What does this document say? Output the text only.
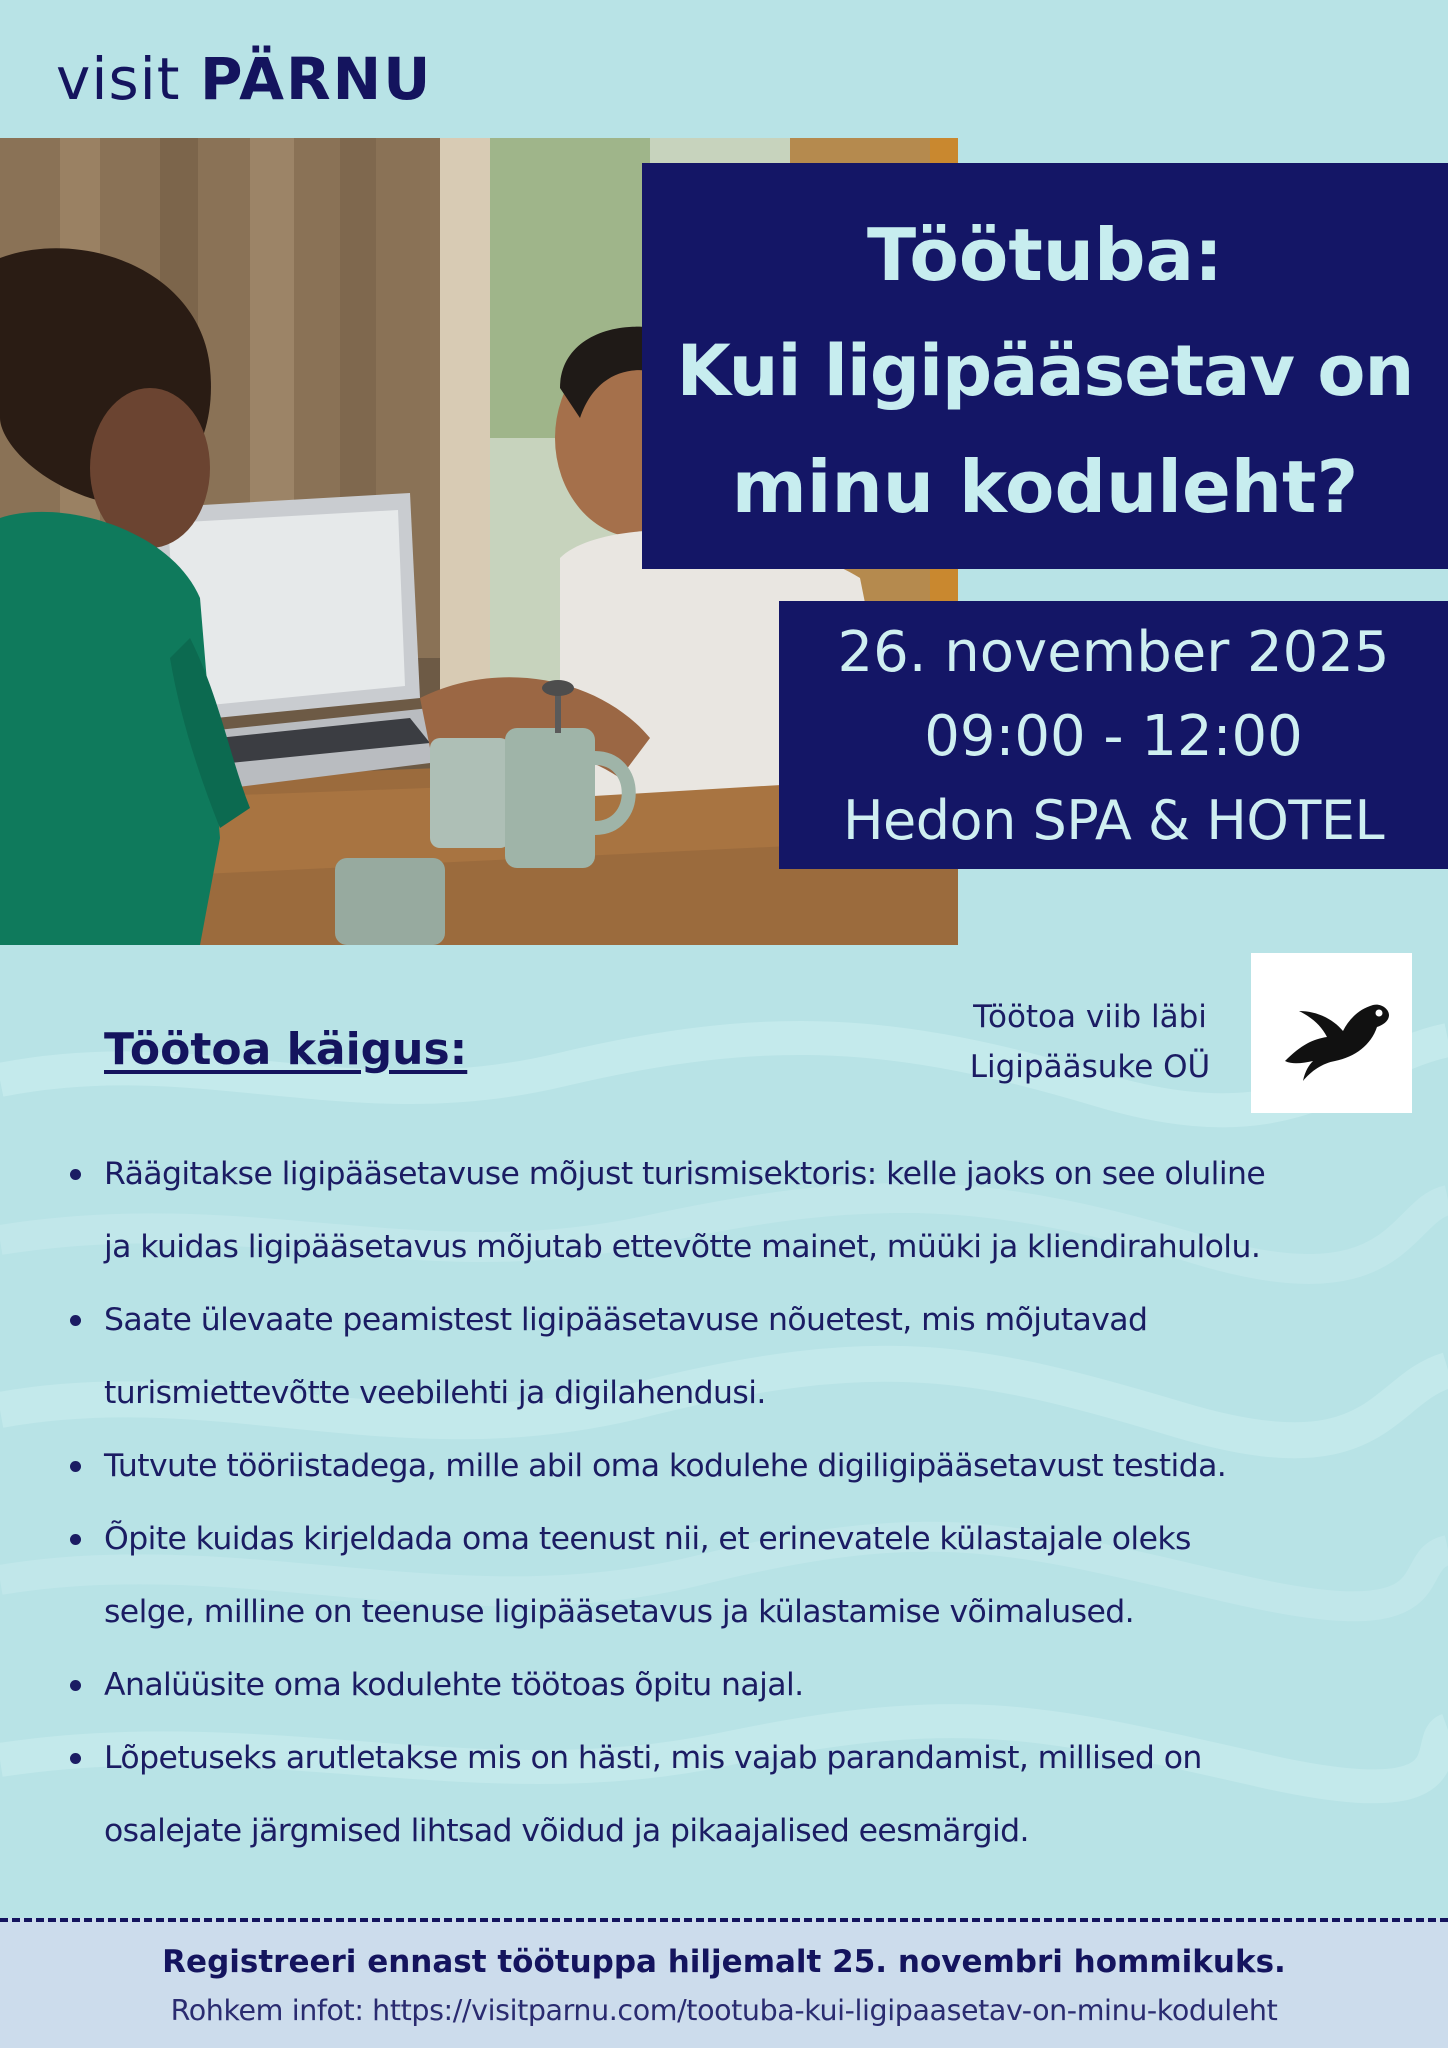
visit PÄRNU
Töötuba:
Kui ligipääsetav on
minu koduleht?
26. november 2025
09:00 - 12:00
Hedon SPA & HOTEL
Töötoa käigus:
Töötoa viib läbi
Ligipääsuke OÜ
Räägitakse ligipääsetavuse mõjust turismisektoris: kelle jaoks on see oluline
ja kuidas ligipääsetavus mõjutab ettevõtte mainet, müüki ja kliendirahulolu.
Saate ülevaate peamistest ligipääsetavuse nõuetest, mis mõjutavad
turismiettevõtte veebilehti ja digilahendusi.
Tutvute tööriistadega, mille abil oma kodulehe digiligipääsetavust testida.
Õpite kuidas kirjeldada oma teenust nii, et erinevatele külastajale oleks
selge, milline on teenuse ligipääsetavus ja külastamise võimalused.
Analüüsite oma kodulehte töötoas õpitu najal.
Lõpetuseks arutletakse mis on hästi, mis vajab parandamist, millised on
osalejate järgmised lihtsad võidud ja pikaajalised eesmärgid.
Registreeri ennast töötuppa hiljemalt 25. novembri hommikuks.
Rohkem infot: https://visitparnu.com/tootuba-kui-ligipaasetav-on-minu-koduleht
